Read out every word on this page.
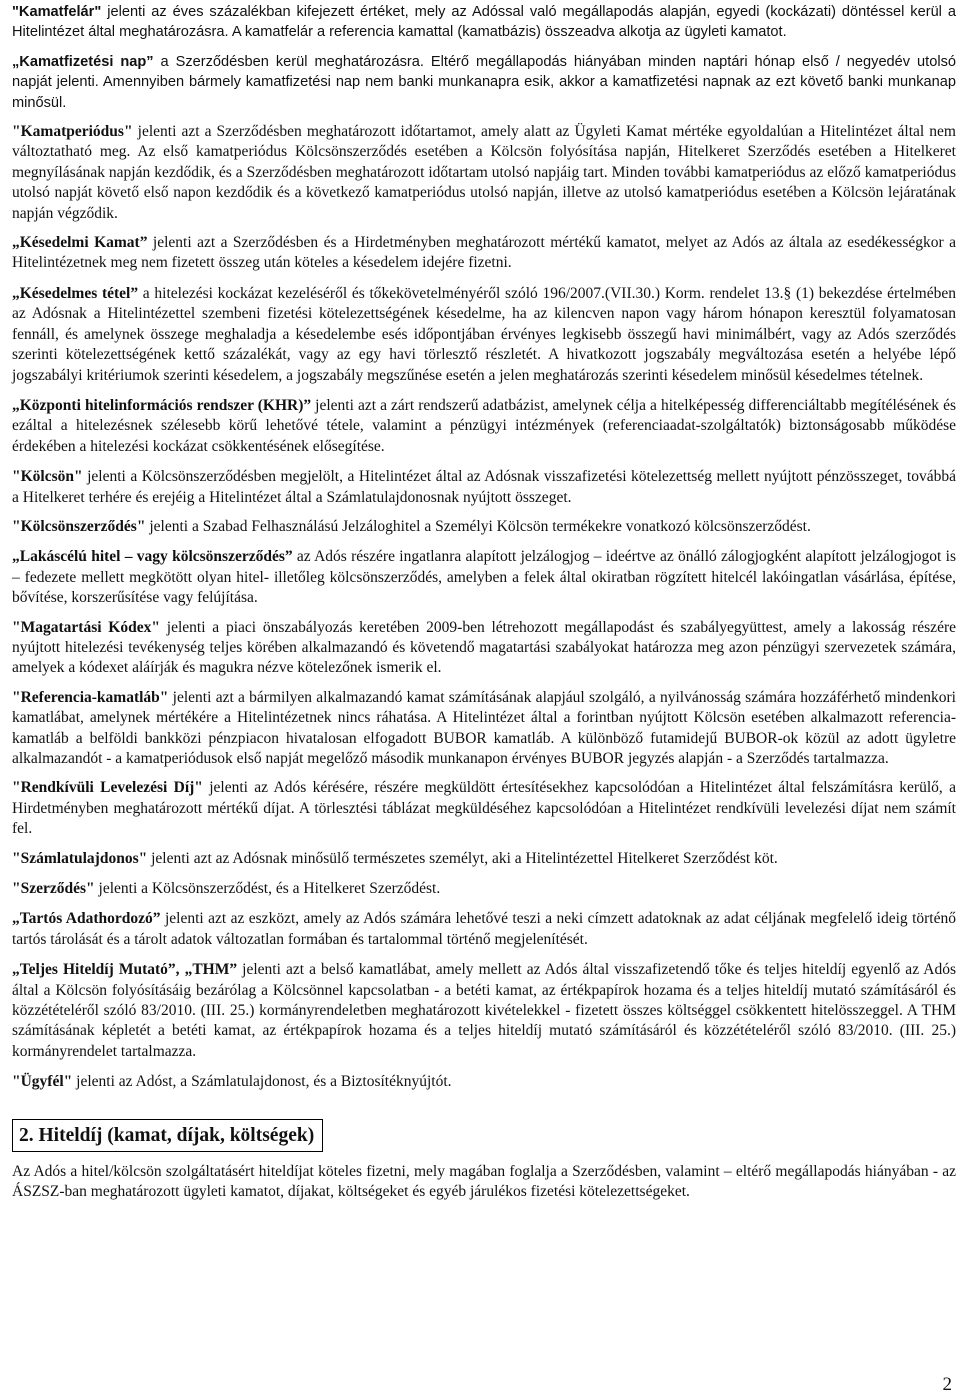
"Kamatfelár" jelenti az éves százalékban kifejezett értéket, mely az Adóssal való megállapodás alapján, egyedi (kockázati) döntéssel kerül a Hitelintézet által meghatározásra. A kamatfelár a referencia kamattal (kamatbázis) összeadva alkotja az ügyleti kamatot.

„Kamatfizetési nap” a Szerződésben kerül meghatározásra. Eltérő megállapodás hiányában minden naptári hónap első / negyedév utolsó napját jelenti. Amennyiben bármely kamatfizetési nap nem banki munkanapra esik, akkor a kamatfizetési napnak az ezt követő banki munkanap minősül.

"Kamatperiódus" jelenti azt a Szerződésben meghatározott időtartamot, amely alatt az Ügyleti Kamat mértéke egyoldalúan a Hitelintézet által nem változtatható meg. Az első kamatperiódus Kölcsönszerződés esetében a Kölcsön folyósítása napján, Hitelkeret Szerződés esetében a Hitelkeret megnyílásának napján kezdődik, és a Szerződésben meghatározott időtartam utolsó napjáig tart. Minden további kamatperiódus az előző kamatperiódus utolsó napját követő első napon kezdődik és a következő kamatperiódus utolsó napján, illetve az utolsó kamatperiódus esetében a Kölcsön lejáratának napján végződik.

„Késedelmi Kamat” jelenti azt a Szerződésben és a Hirdetményben meghatározott mértékű kamatot, melyet az Adós az általa az esedékességkor a Hitelintézetnek meg nem fizetett összeg után köteles a késedelem idejére fizetni.

„Késedelmes tétel” a hitelezési kockázat kezeléséről és tőkekövetelményéről szóló 196/2007.(VII.30.) Korm. rendelet 13.§ (1) bekezdése értelmében az Adósnak a Hitelintézettel szembeni fizetési kötelezettségének késedelme, ha az kilencven napon vagy három hónapon keresztül folyamatosan fennáll, és amelynek összege meghaladja a késedelembe esés időpontjában érvényes legkisebb összegű havi minimálbért, vagy az Adós szerződés szerinti kötelezettségének kettő százalékát, vagy az egy havi törlesztő részletét. A hivatkozott jogszabály megváltozása esetén a helyébe lépő jogszabályi kritériumok szerinti késedelem, a jogszabály megszűnése esetén a jelen meghatározás szerinti késedelem minősül késedelmes tételnek.

„Központi hitelinformációs rendszer (KHR)” jelenti azt a zárt rendszerű adatbázist, amelynek célja a hitelképesség differenciáltabb megítélésének és ezáltal a hitelezésnek szélesebb körű lehetővé tétele, valamint a pénzügyi intézmények (referenciaadat-szolgáltatók) biztonságosabb működése érdekében a hitelezési kockázat csökkentésének elősegítése.

"Kölcsön" jelenti a Kölcsönszerződésben megjelölt, a Hitelintézet által az Adósnak visszafizetési kötelezettség mellett nyújtott pénzösszeget, továbbá a Hitelkeret terhére és erejéig a Hitelintézet által a Számlatulajdonosnak nyújtott összeget.

"Kölcsönszerződés" jelenti a Szabad Felhasználású Jelzáloghitel a Személyi Kölcsön termékekre vonatkozó kölcsönszerződést.

„Lakáscélú hitel – vagy kölcsönszerződés” az Adós részére ingatlanra alapított jelzálogjog – ideértve az önálló zálogjogként alapított jelzálogjogot is – fedezete mellett megkötött olyan hitel- illetőleg kölcsönszerződés, amelyben a felek által okiratban rögzített hitelcél lakóingatlan vásárlása, építése, bővítése, korszerűsítése vagy felújítása.

"Magatartási Kódex" jelenti a piaci önszabályozás keretében 2009-ben létrehozott megállapodást és szabályegyüttest, amely a lakosság részére nyújtott hitelezési tevékenység teljes körében alkalmazandó és követendő magatartási szabályokat határozza meg azon pénzügyi szervezetek számára, amelyek a kódexet aláírják és magukra nézve kötelezőnek ismerik el.

"Referencia-kamatláb" jelenti azt a bármilyen alkalmazandó kamat számításának alapjául szolgáló, a nyilvánosság számára hozzáférhető mindenkori kamatlábat, amelynek mértékére a Hitelintézetnek nincs ráhatása. A Hitelintézet által a forintban nyújtott Kölcsön esetében alkalmazott referencia-kamatláb a belföldi bankközi pénzpiacon hivatalosan elfogadott BUBOR kamatláb. A különböző futamidejű BUBOR-ok közül az adott ügyletre alkalmazandót - a kamatperiódusok első napját megelőző második munkanapon érvényes BUBOR jegyzés alapján - a Szerződés tartalmazza.

"Rendkívüli Levelezési Díj" jelenti az Adós kérésére, részére megküldött értesítésekhez kapcsolódóan a Hitelintézet által felszámításra kerülő, a Hirdetményben meghatározott mértékű díjat. A törlesztési táblázat megküldéséhez kapcsolódóan a Hitelintézet rendkívüli levelezési díjat nem számít fel.

"Számlatulajdonos" jelenti azt az Adósnak minősülő természetes személyt, aki a Hitelintézettel Hitelkeret Szerződést köt.

"Szerződés" jelenti a Kölcsönszerződést, és a Hitelkeret Szerződést.

„Tartós Adathordozó” jelenti azt az eszközt, amely az Adós számára lehetővé teszi a neki címzett adatoknak az adat céljának megfelelő ideig történő tartós tárolását és a tárolt adatok változatlan formában és tartalommal történő megjelenítését.

„Teljes Hiteldíj Mutató”, „THM” jelenti azt a belső kamatlábat, amely mellett az Adós által visszafizetendő tőke és teljes hiteldíj egyenlő az Adós által a Kölcsön folyósításáig bezárólag a Kölcsönnel kapcsolatban - a betéti kamat, az értékpapírok hozama és a teljes hiteldíj mutató számításáról és közzétételéről szóló 83/2010. (III. 25.) kormányrendeletben meghatározott kivételekkel - fizetett összes költséggel csökkentett hitelösszeggel. A THM számításának képletét a betéti kamat, az értékpapírok hozama és a teljes hiteldíj mutató számításáról és közzétételéről szóló 83/2010. (III. 25.) kormányrendelet tartalmazza.

"Ügyfél" jelenti az Adóst, a Számlatulajdonost, és a Biztosítéknyújtót.

2. Hiteldíj (kamat, díjak, költségek)

Az Adós a hitel/kölcsön szolgáltatásért hiteldíjat köteles fizetni, mely magában foglalja a Szerződésben, valamint – eltérő megállapodás hiányában - az ÁSZSZ-ban meghatározott ügyleti kamatot, díjakat, költségeket és egyéb járulékos fizetési kötelezettségeket.

2
